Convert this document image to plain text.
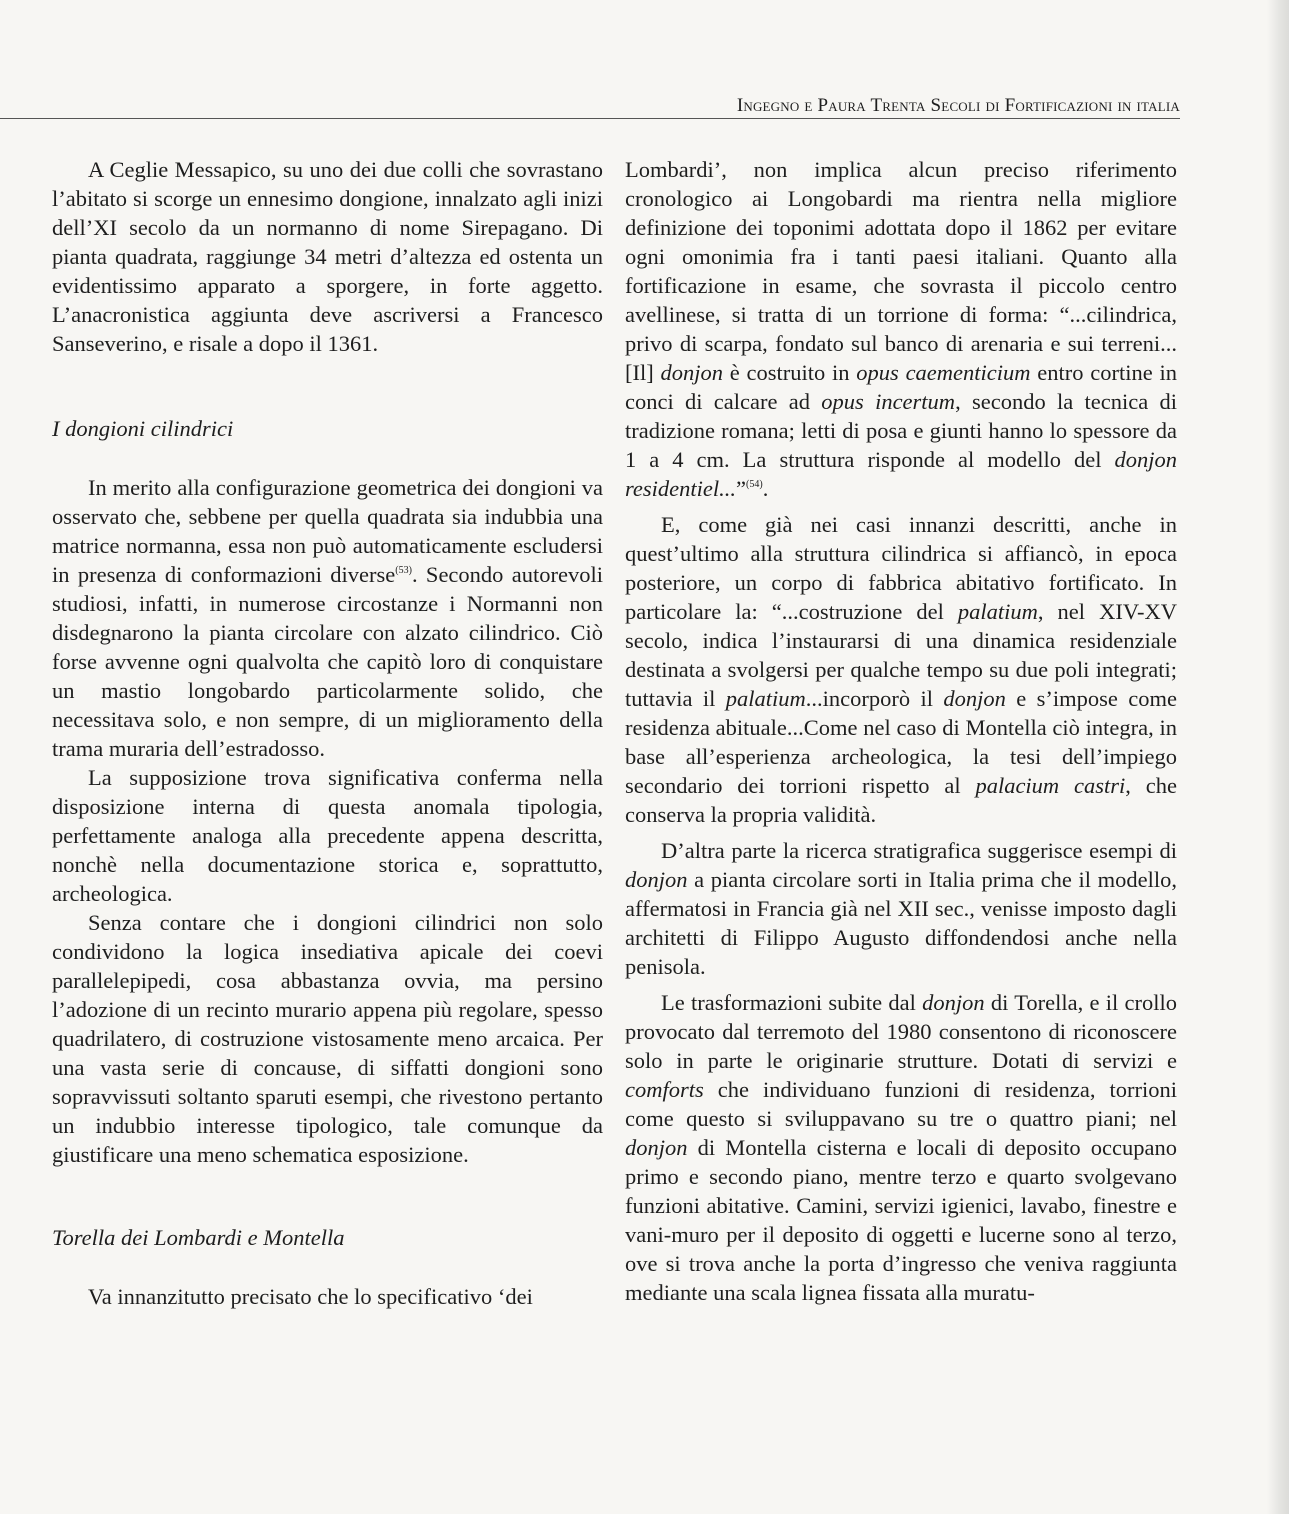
Ingegno e Paura Trenta Secoli di Fortificazioni in italia

A Ceglie Messapico, su uno dei due colli che sovrastano l’abitato si scorge un ennesimo dongione, innalzato agli inizi dell’XI secolo da un normanno di nome Sirepagano. Di pianta quadrata, raggiunge 34 metri d’altezza ed ostenta un evidentissimo apparato a sporgere, in forte aggetto. L’anacronistica aggiunta deve ascriversi a Francesco Sanseverino, e risale a dopo il 1361.

I dongioni cilindrici

In merito alla configurazione geometrica dei dongioni va osservato che, sebbene per quella quadrata sia indubbia una matrice normanna, essa non può automaticamente escludersi in presenza di conformazioni diverse$^{(53)}$. Secondo autorevoli studiosi, infatti, in numerose circostanze i Normanni non disdegnarono la pianta circolare con alzato cilindrico. Ciò forse avvenne ogni qualvolta che capitò loro di conquistare un mastio longobardo particolarmente solido, che necessitava solo, e non sempre, di un miglioramento della trama muraria dell’estradosso.

La supposizione trova significativa conferma nella disposizione interna di questa anomala tipologia, perfettamente analoga alla precedente appena descritta, nonchè nella documentazione storica e, soprattutto, archeologica.

Senza contare che i dongioni cilindrici non solo condividono la logica insediativa apicale dei coevi parallelepipedi, cosa abbastanza ovvia, ma persino l’adozione di un recinto murario appena più regolare, spesso quadrilatero, di costruzione vistosamente meno arcaica. Per una vasta serie di concause, di siffatti dongioni sono sopravvissuti soltanto sparuti esempi, che rivestono pertanto un indubbio interesse tipologico, tale comunque da giustificare una meno schematica esposizione.

Torella dei Lombardi e Montella

Va innanzitutto precisato che lo specificativo ‘dei

Lombardi’, non implica alcun preciso riferimento cronologico ai Longobardi ma rientra nella migliore definizione dei toponimi adottata dopo il 1862 per evitare ogni omonimia fra i tanti paesi italiani. Quanto alla fortificazione in esame, che sovrasta il piccolo centro avellinese, si tratta di un torrione di forma: “...cilindrica, privo di scarpa, fondato sul banco di arenaria e sui terreni...[Il] donjon è costruito in opus caementicium entro cortine in conci di calcare ad opus incertum, secondo la tecnica di tradizione romana; letti di posa e giunti hanno lo spessore da 1 a 4 cm. La struttura risponde al modello del donjon residentiel...”$^{(54)}$.

E, come già nei casi innanzi descritti, anche in quest’ultimo alla struttura cilindrica si affiancò, in epoca posteriore, un corpo di fabbrica abitativo fortificato. In particolare la: “...costruzione del palatium, nel XIV-XV secolo, indica l’instaurarsi di una dinamica residenziale destinata a svolgersi per qualche tempo su due poli integrati; tuttavia il palatium...incorporò il donjon e s’impose come residenza abituale...Come nel caso di Montella ciò integra, in base all’esperienza archeologica, la tesi dell’impiego secondario dei torrioni rispetto al palacium castri, che conserva la propria validità.

D’altra parte la ricerca stratigrafica suggerisce esempi di donjon a pianta circolare sorti in Italia prima che il modello, affermatosi in Francia già nel XII sec., venisse imposto dagli architetti di Filippo Augusto diffondendosi anche nella penisola.

Le trasformazioni subite dal donjon di Torella, e il crollo provocato dal terremoto del 1980 consentono di riconoscere solo in parte le originarie strutture. Dotati di servizi e comforts che individuano funzioni di residenza, torrioni come questo si sviluppavano su tre o quattro piani; nel donjon di Montella cisterna e locali di deposito occupano primo e secondo piano, mentre terzo e quarto svolgevano funzioni abitative. Camini, servizi igienici, lavabo, finestre e vani-muro per il deposito di oggetti e lucerne sono al terzo, ove si trova anche la porta d’ingresso che veniva raggiunta mediante una scala lignea fissata alla muratu-
